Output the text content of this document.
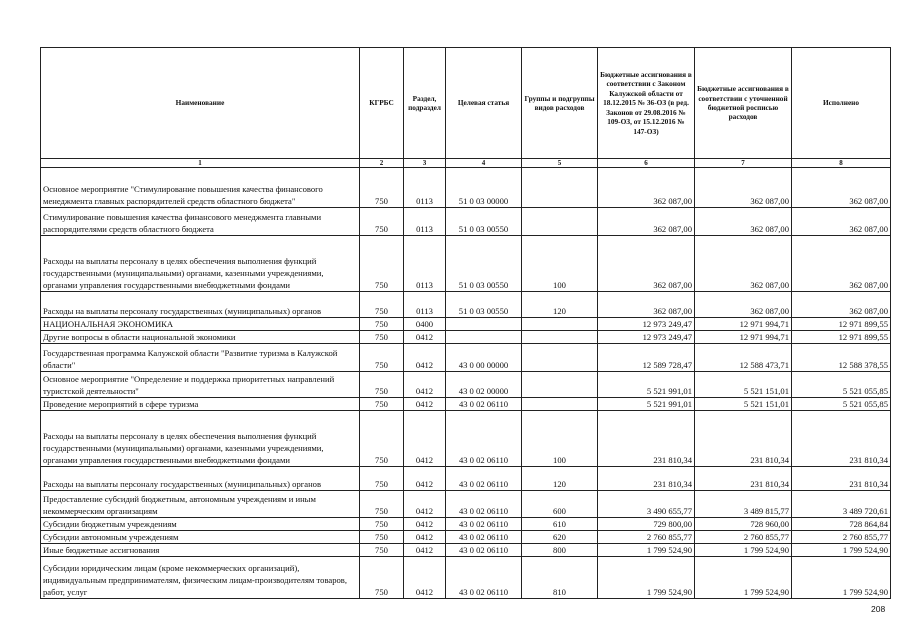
Наименование	КГРБС	Раздел, подраздел	Целевая статья	Группы и подгруппы видов расходов	Бюджетные ассигнования в соответствии с Законом Калужской области от 18.12.2015 № 36-ОЗ (в ред. Законов от 29.08.2016 № 109-ОЗ, от 15.12.2016 № 147-ОЗ)	Бюджетные ассигнования в соответствии с уточненной бюджетной росписью расходов	Исполнено
1	2	3	4	5	6	7	8
Основное мероприятие "Стимулирование повышения качества финансового менеджмента главных распорядителей средств областного бюджета"	750	0113	51 0 03 00000		362 087,00	362 087,00	362 087,00
Стимулирование повышения качества финансового менеджмента главными распорядителями средств областного бюджета	750	0113	51 0 03 00550		362 087,00	362 087,00	362 087,00
Расходы на выплаты персоналу в целях обеспечения выполнения функций государственными (муниципальными) органами, казенными учреждениями, органами управления государственными внебюджетными фондами	750	0113	51 0 03 00550	100	362 087,00	362 087,00	362 087,00
Расходы на выплаты персоналу государственных (муниципальных) органов	750	0113	51 0 03 00550	120	362 087,00	362 087,00	362 087,00
НАЦИОНАЛЬНАЯ ЭКОНОМИКА	750	0400			12 973 249,47	12 971 994,71	12 971 899,55
Другие вопросы в области национальной экономики	750	0412			12 973 249,47	12 971 994,71	12 971 899,55
Государственная программа Калужской области "Развитие туризма в Калужской области"	750	0412	43 0 00 00000		12 589 728,47	12 588 473,71	12 588 378,55
Основное мероприятие "Определение и поддержка приоритетных направлений туристской деятельности"	750	0412	43 0 02 00000		5 521 991,01	5 521 151,01	5 521 055,85
Проведение мероприятий в сфере туризма	750	0412	43 0 02 06110		5 521 991,01	5 521 151,01	5 521 055,85
Расходы на выплаты персоналу в целях обеспечения выполнения функций государственными (муниципальными) органами, казенными учреждениями, органами управления государственными внебюджетными фондами	750	0412	43 0 02 06110	100	231 810,34	231 810,34	231 810,34
Расходы на выплаты персоналу государственных (муниципальных) органов	750	0412	43 0 02 06110	120	231 810,34	231 810,34	231 810,34
Предоставление субсидий бюджетным, автономным учреждениям и иным некоммерческим организациям	750	0412	43 0 02 06110	600	3 490 655,77	3 489 815,77	3 489 720,61
Субсидии бюджетным учреждениям	750	0412	43 0 02 06110	610	729 800,00	728 960,00	728 864,84
Субсидии автономным учреждениям	750	0412	43 0 02 06110	620	2 760 855,77	2 760 855,77	2 760 855,77
Иные бюджетные ассигнования	750	0412	43 0 02 06110	800	1 799 524,90	1 799 524,90	1 799 524,90
Субсидии юридическим лицам (кроме некоммерческих организаций), индивидуальным предпринимателям, физическим лицам-производителям товаров, работ, услуг	750	0412	43 0 02 06110	810	1 799 524,90	1 799 524,90	1 799 524,90
208
